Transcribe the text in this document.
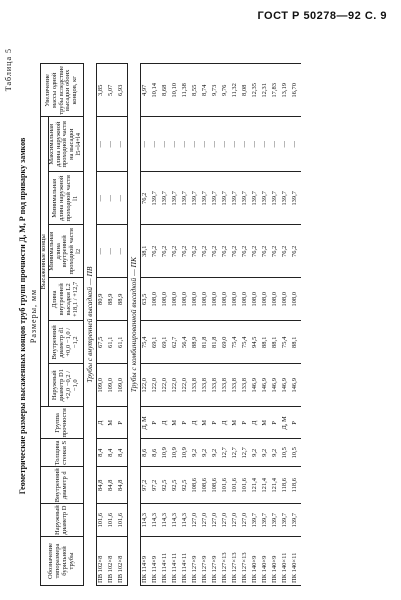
ГОСТ Р 50278—92 С. 9
Таблица 5
Геометрические размеры высаженных концов труб групп прочности Д, М, Р под приварку замков Размеры, мм
Обозначение типоразмера бурильной трубы	Наружный диаметр D	Внутренний диаметр d	Толщина стенки S	Группа прочности	Высаженные концы						Увеличение массы одной трубы вследствие высадки обоих концов, кг
					Наружный диаметр D1 +2,0 −0,2 / −1,0	Внутренний диаметр d1 +0,0 −1,0 / −1,2	Длина внутренней высадки L2 +18,1 / +12,7	Минимальная длина внутренней проходной части l2	Минимальная длина наружной проходной части l1	Максимальная длина наружной проходной части на высадки l5=l4+l4	
Трубы с внутренней высадкой — ПВ											
ПВ 102×8	101,6	84,8	8,4	Д	109,0	67,5	80,9	—	—	—	3,85
ПВ 102×8	101,6	84,8	8,4	М	109,0	61,1	88,9	—	—	—	5,07
ПВ 102×8	101,6	84,8	8,4	Р	109,0	61,1	88,9	—	—	—	6,93
Трубы с комбинированной высадкой — ПК											
ПК 114×9	114,3	97,2	8,6	Д, М	122,0	75,4	63,5	38,1	76,2	—	4,97
ПК 114×9	114,3	97,2	8,6	Р	122,0	69,1	108,0	76,2	139,7	—	10,14
ПК 114×11	114,3	92,5	10,9	Д	122,0	69,1	108,0	76,2	139,7	—	8,68
ПК 114×11	114,3	92,5	10,9	М	122,0	62,7	108,0	76,2	139,7	—	10,10
ПК 114×11	114,3	92,5	10,9	Р	122,0	56,4	108,0	76,2	139,7	—	11,38
ПК 127×9	127,0	108,6	9,2	Д	133,8	88,9	108,0	76,2	139,7	—	8,55
ПК 127×9	127,0	108,6	9,2	М	133,8	81,8	108,0	76,2	139,7	—	8,74
ПК 127×9	127,0	108,6	9,2	Р	133,8	81,8	108,0	76,2	139,7	—	9,73
ПК 127×13	127,0	101,6	12,7	Д	133,8	69,0	108,0	76,2	139,7	—	9,76
ПК 127×13	127,0	101,6	12,7	М	133,8	75,4	108,0	76,2	139,7	—	11,32
ПК 127×13	127,0	101,6	12,7	Р	133,8	75,4	108,0	76,2	139,7	—	8,08
ПК 140×9	139,7	121,4	9,2	Д	146,9	94,5	108,0	76,2	139,7	—	12,35
ПК 140×9	139,7	121,4	9,2	М	146,9	88,1	108,0	76,2	139,7	—	12,31
ПК 140×9	139,7	121,4	9,2	Р	146,9	88,1	108,0	76,2	139,7	—	17,83
ПК 140×11	139,7	118,6	10,5	Д, М	146,9	75,4	108,0	76,2	139,7	—	13,19
ПК 140×11	139,7	118,6	10,5	Р	146,9	88,1	108,0	76,2	139,7	—	16,70
